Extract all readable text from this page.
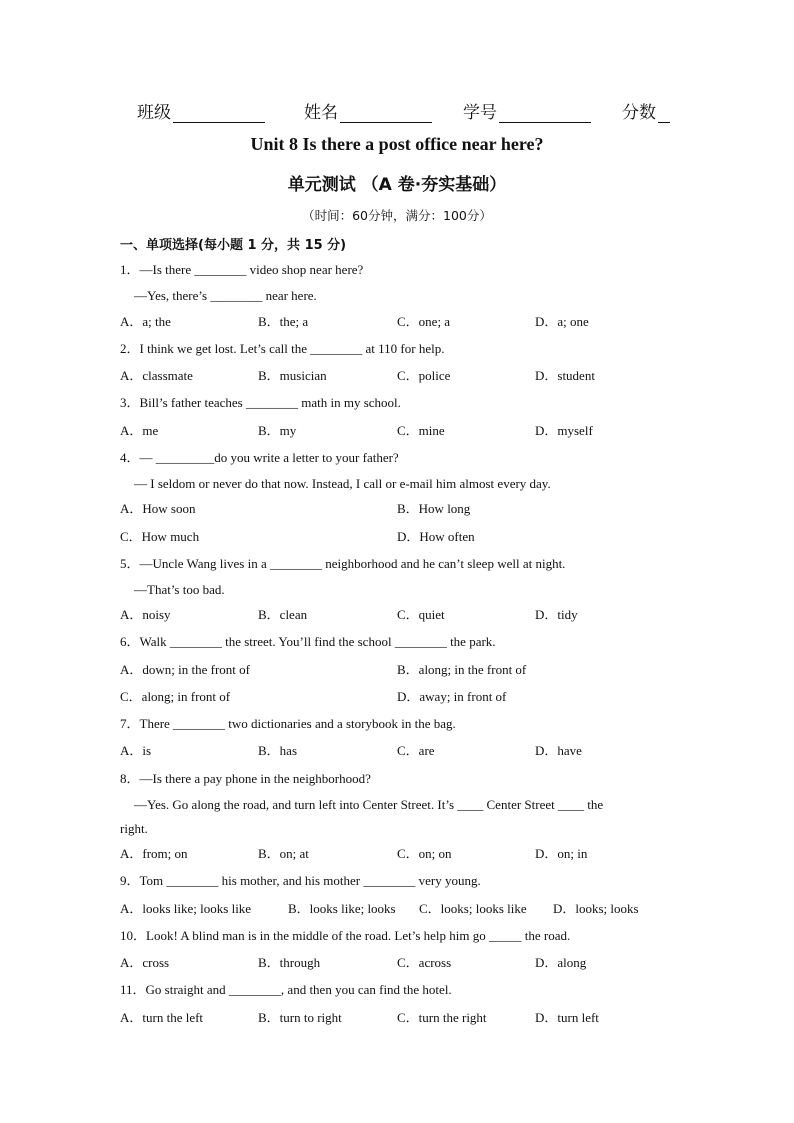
班级	姓名	学号	分数
Unit 8 Is there a post office near here?
单元测试 （A 卷·夯实基础）
（时间：60分钟，满分：100分）
一、单项选择(每小题 1 分，共 15 分)
1．—Is there ________ video shop near here?
—Yes, there’s ________ near here.
A．a; the	B．the; a	C．one; a	D．a; one
2．I think we get lost. Let’s call the ________ at 110 for help.
A．classmate	B．musician	C．police	D．student
3．Bill’s father teaches ________ math in my school.
A．me	B．my	C．mine	D．myself
4．— _________do you write a letter to your father?
— I seldom or never do that now. Instead, I call or e-mail him almost every day.
A．How soon	B．How long
C．How much	D．How often
5．—Uncle Wang lives in a ________ neighborhood and he can’t sleep well at night.
—That’s too bad.
A．noisy	B．clean	C．quiet	D．tidy
6．Walk ________ the street. You’ll find the school ________ the park.
A．down; in the front of	B．along; in the front of
C．along; in front of	D．away; in front of
7．There ________ two dictionaries and a storybook in the bag.
A．is	B．has	C．are	D．have
8．—Is there a pay phone in the neighborhood?
—Yes. Go along the road, and turn left into Center Street. It’s ____ Center Street ____ the
right.
A．from; on	B．on; at	C．on; on	D．on; in
9．Tom ________ his mother, and his mother ________ very young.
A．looks like; looks like	B．looks like; looks C．looks; looks like D．looks; looks
10．Look! A blind man is in the middle of the road. Let’s help him go _____ the road.
A．cross	B．through	C．across	D．along
11．Go straight and ________, and then you can find the hotel.
A．turn the left	B．turn to right	C．turn the right	D．turn left
